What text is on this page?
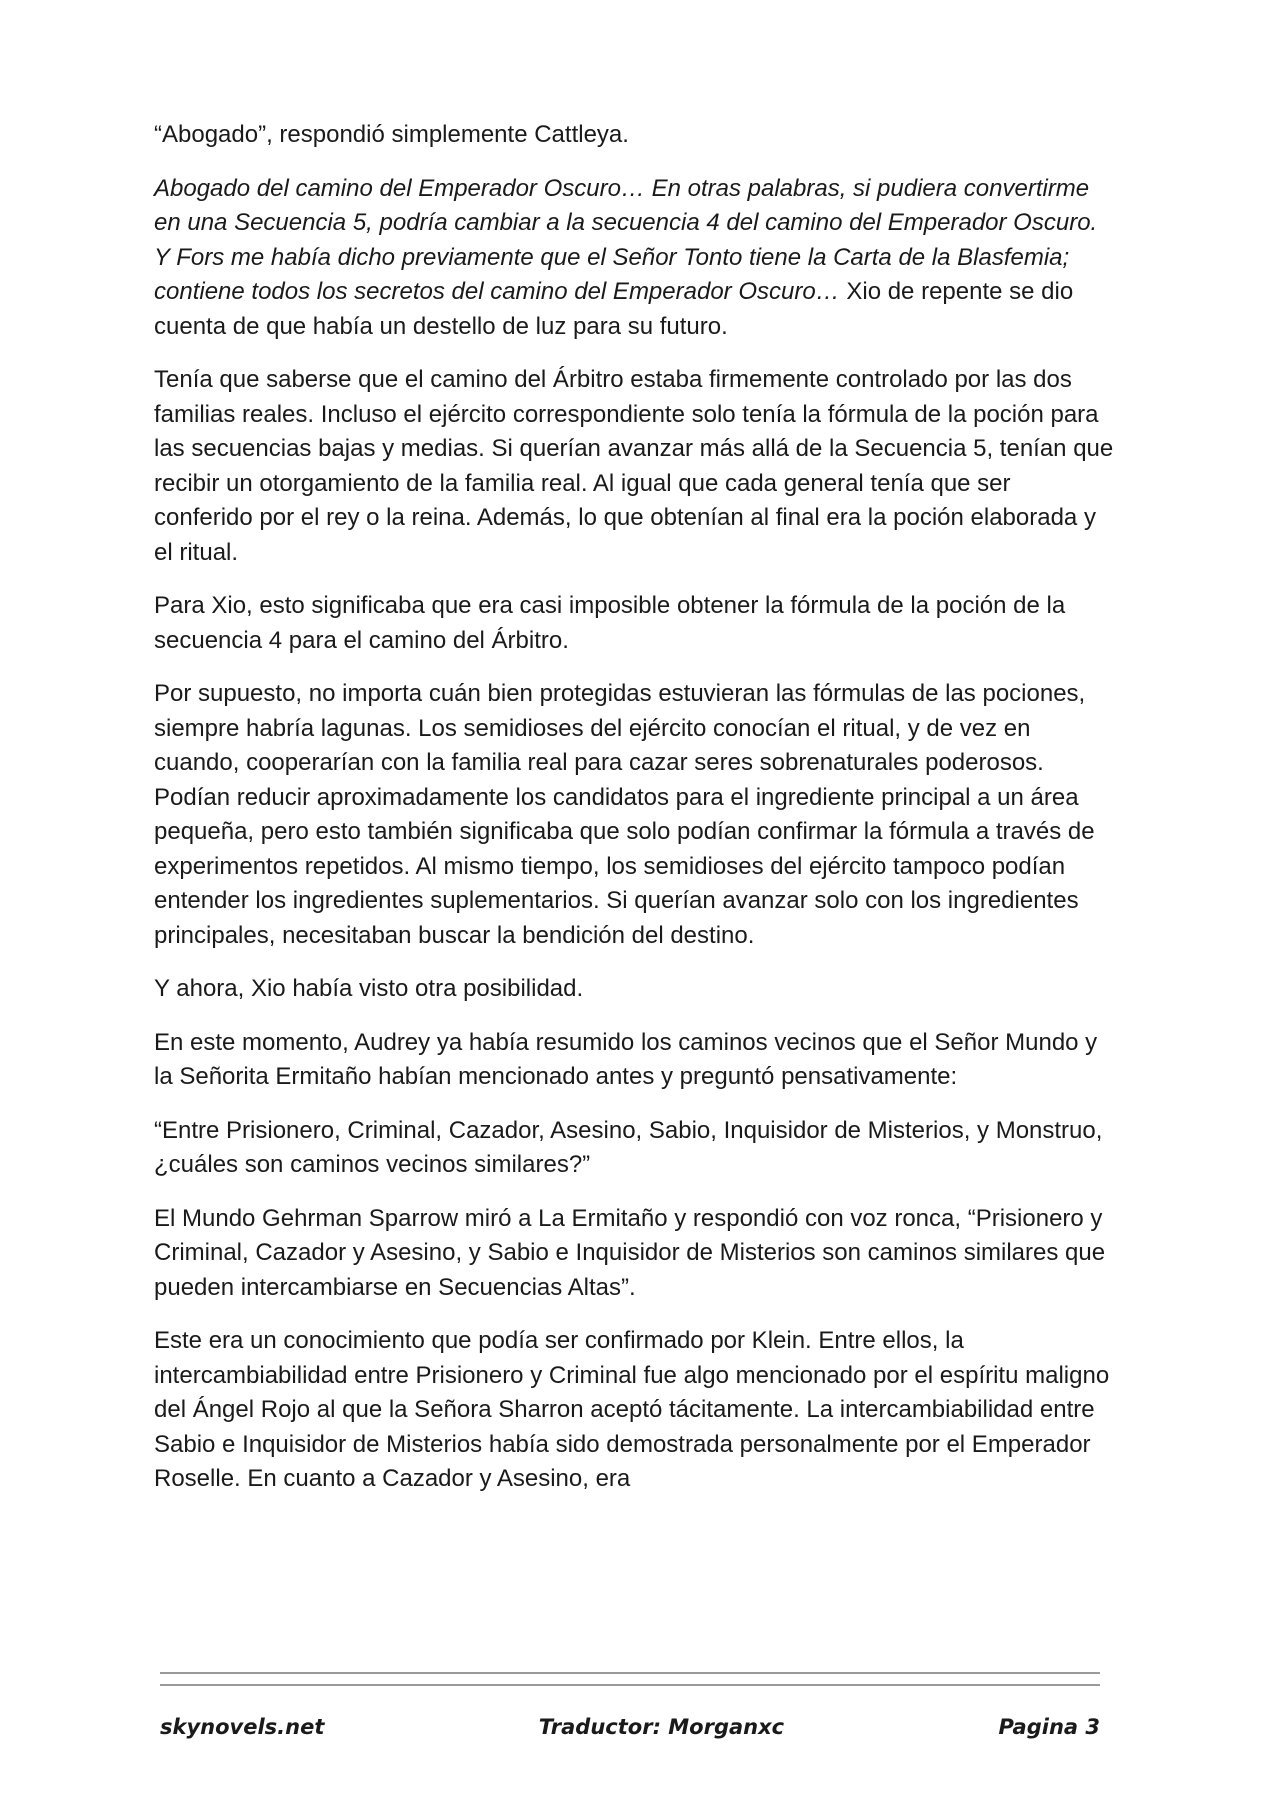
“Abogado”, respondió simplemente Cattleya.

Abogado del camino del Emperador Oscuro… En otras palabras, si pudiera convertirme en una Secuencia 5, podría cambiar a la secuencia 4 del camino del Emperador Oscuro. Y Fors me había dicho previamente que el Señor Tonto tiene la Carta de la Blasfemia; contiene todos los secretos del camino del Emperador Oscuro… Xio de repente se dio cuenta de que había un destello de luz para su futuro.

Tenía que saberse que el camino del Árbitro estaba firmemente controlado por las dos familias reales. Incluso el ejército correspondiente solo tenía la fórmula de la poción para las secuencias bajas y medias. Si querían avanzar más allá de la Secuencia 5, tenían que recibir un otorgamiento de la familia real. Al igual que cada general tenía que ser conferido por el rey o la reina. Además, lo que obtenían al final era la poción elaborada y el ritual.

Para Xio, esto significaba que era casi imposible obtener la fórmula de la poción de la secuencia 4 para el camino del Árbitro.

Por supuesto, no importa cuán bien protegidas estuvieran las fórmulas de las pociones, siempre habría lagunas. Los semidioses del ejército conocían el ritual, y de vez en cuando, cooperarían con la familia real para cazar seres sobrenaturales poderosos. Podían reducir aproximadamente los candidatos para el ingrediente principal a un área pequeña, pero esto también significaba que solo podían confirmar la fórmula a través de experimentos repetidos. Al mismo tiempo, los semidioses del ejército tampoco podían entender los ingredientes suplementarios. Si querían avanzar solo con los ingredientes principales, necesitaban buscar la bendición del destino.

Y ahora, Xio había visto otra posibilidad.

En este momento, Audrey ya había resumido los caminos vecinos que el Señor Mundo y la Señorita Ermitaño habían mencionado antes y preguntó pensativamente:

“Entre Prisionero, Criminal, Cazador, Asesino, Sabio, Inquisidor de Misterios, y Monstruo, ¿cuáles son caminos vecinos similares?”

El Mundo Gehrman Sparrow miró a La Ermitaño y respondió con voz ronca, “Prisionero y Criminal, Cazador y Asesino, y Sabio e Inquisidor de Misterios son caminos similares que pueden intercambiarse en Secuencias Altas”.

Este era un conocimiento que podía ser confirmado por Klein. Entre ellos, la intercambiabilidad entre Prisionero y Criminal fue algo mencionado por el espíritu maligno del Ángel Rojo al que la Señora Sharron aceptó tácitamente. La intercambiabilidad entre Sabio e Inquisidor de Misterios había sido demostrada personalmente por el Emperador Roselle. En cuanto a Cazador y Asesino, era

skynovels.net	Traductor: Morganxc	Pagina 3
